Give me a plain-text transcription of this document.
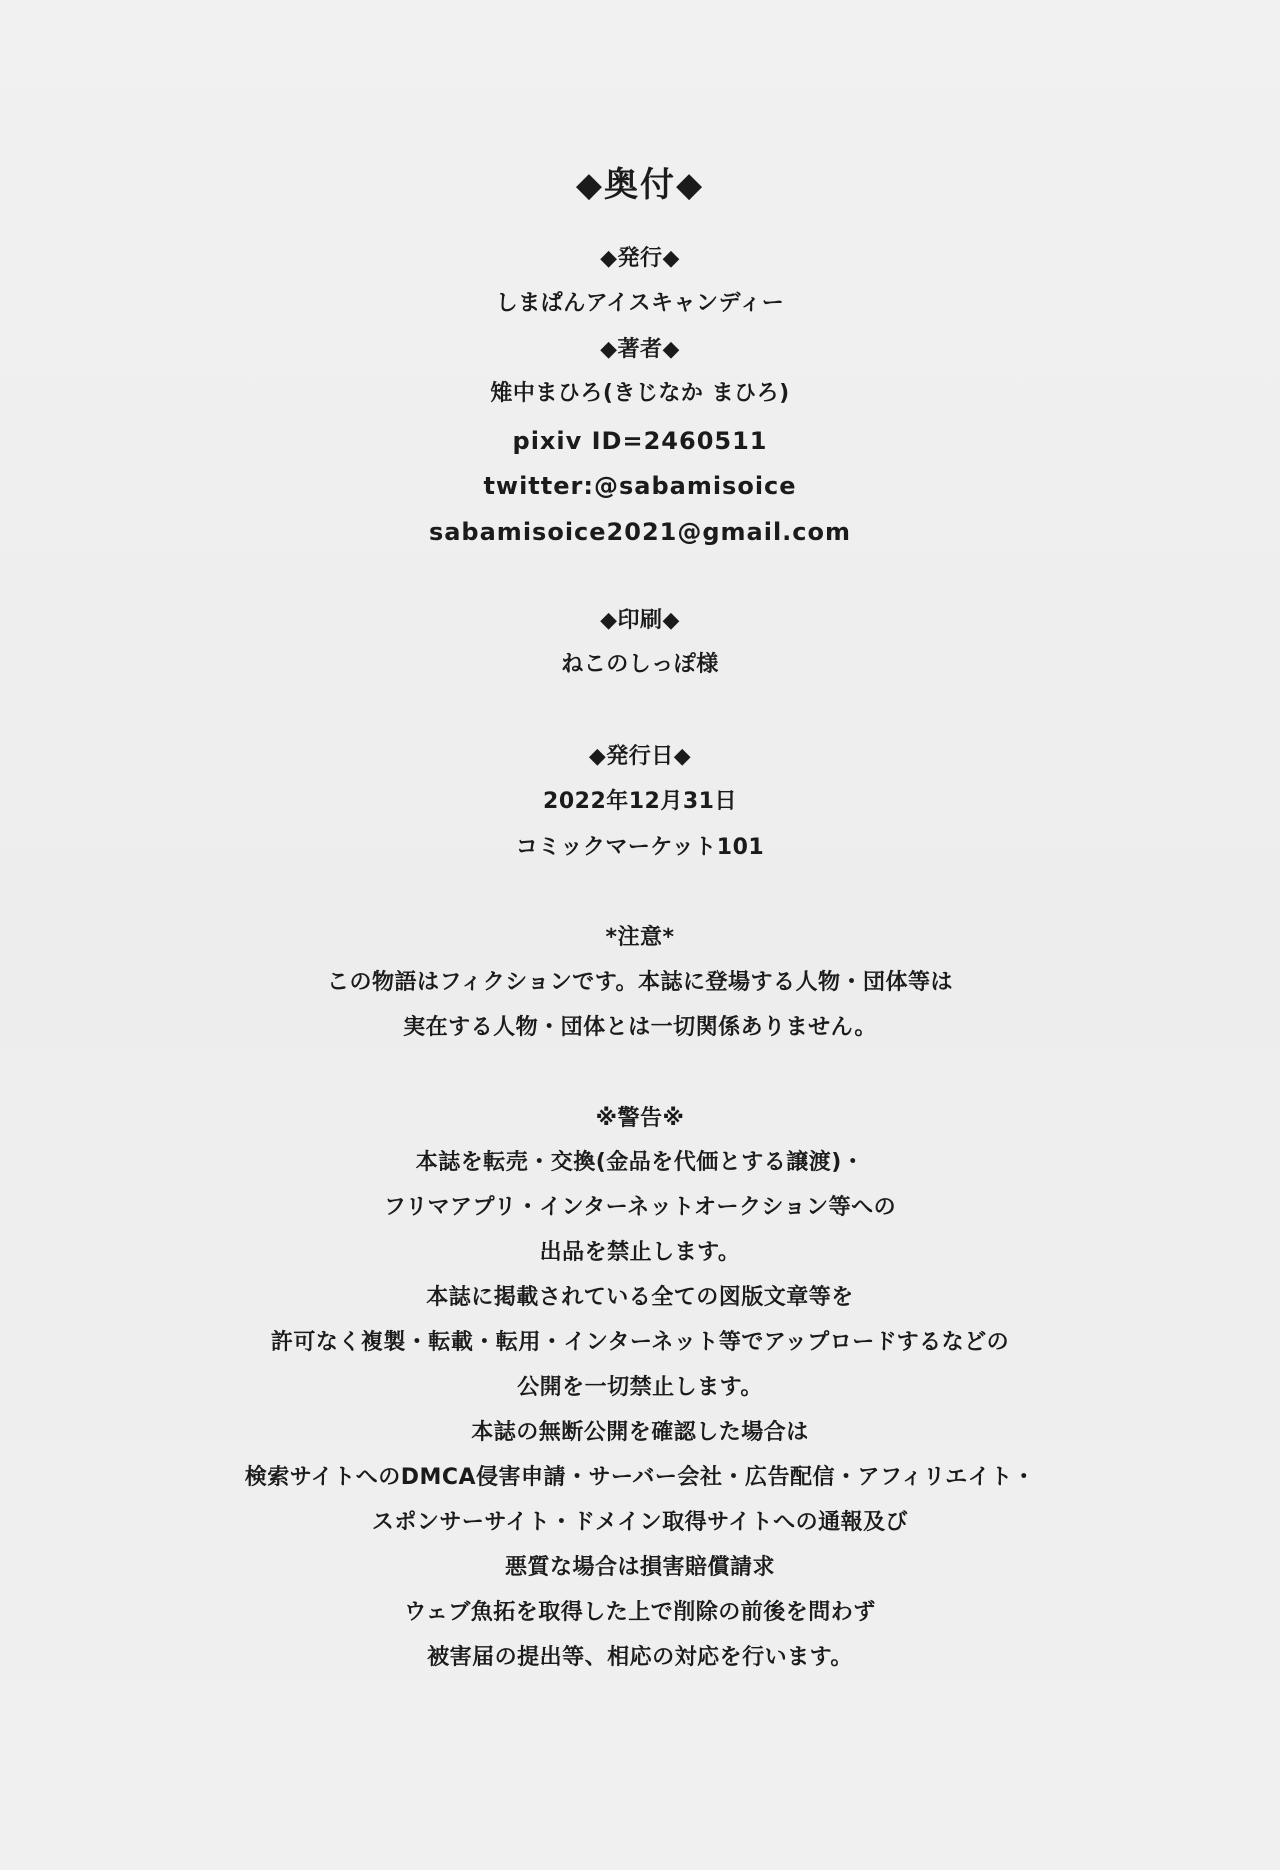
◆奥付◆
◆発行◆
しまぱんアイスキャンディー
◆著者◆
雉中まひろ(きじなか まひろ)
pixiv ID=2460511
twitter:@sabamisoice
sabamisoice2021@gmail.com
◆印刷◆
ねこのしっぽ様
◆発行日◆
2022年12月31日
コミックマーケット101
*注意*
この物語はフィクションです。本誌に登場する人物・団体等は
実在する人物・団体とは一切関係ありません。
※警告※
本誌を転売・交換(金品を代価とする譲渡)・
フリマアプリ・インターネットオークション等への
出品を禁止します。
本誌に掲載されている全ての図版文章等を
許可なく複製・転載・転用・インターネット等でアップロードするなどの
公開を一切禁止します。
本誌の無断公開を確認した場合は
検索サイトへのDMCA侵害申請・サーバー会社・広告配信・アフィリエイト・
スポンサーサイト・ドメイン取得サイトへの通報及び
悪質な場合は損害賠償請求
ウェブ魚拓を取得した上で削除の前後を問わず
被害届の提出等、相応の対応を行います。
